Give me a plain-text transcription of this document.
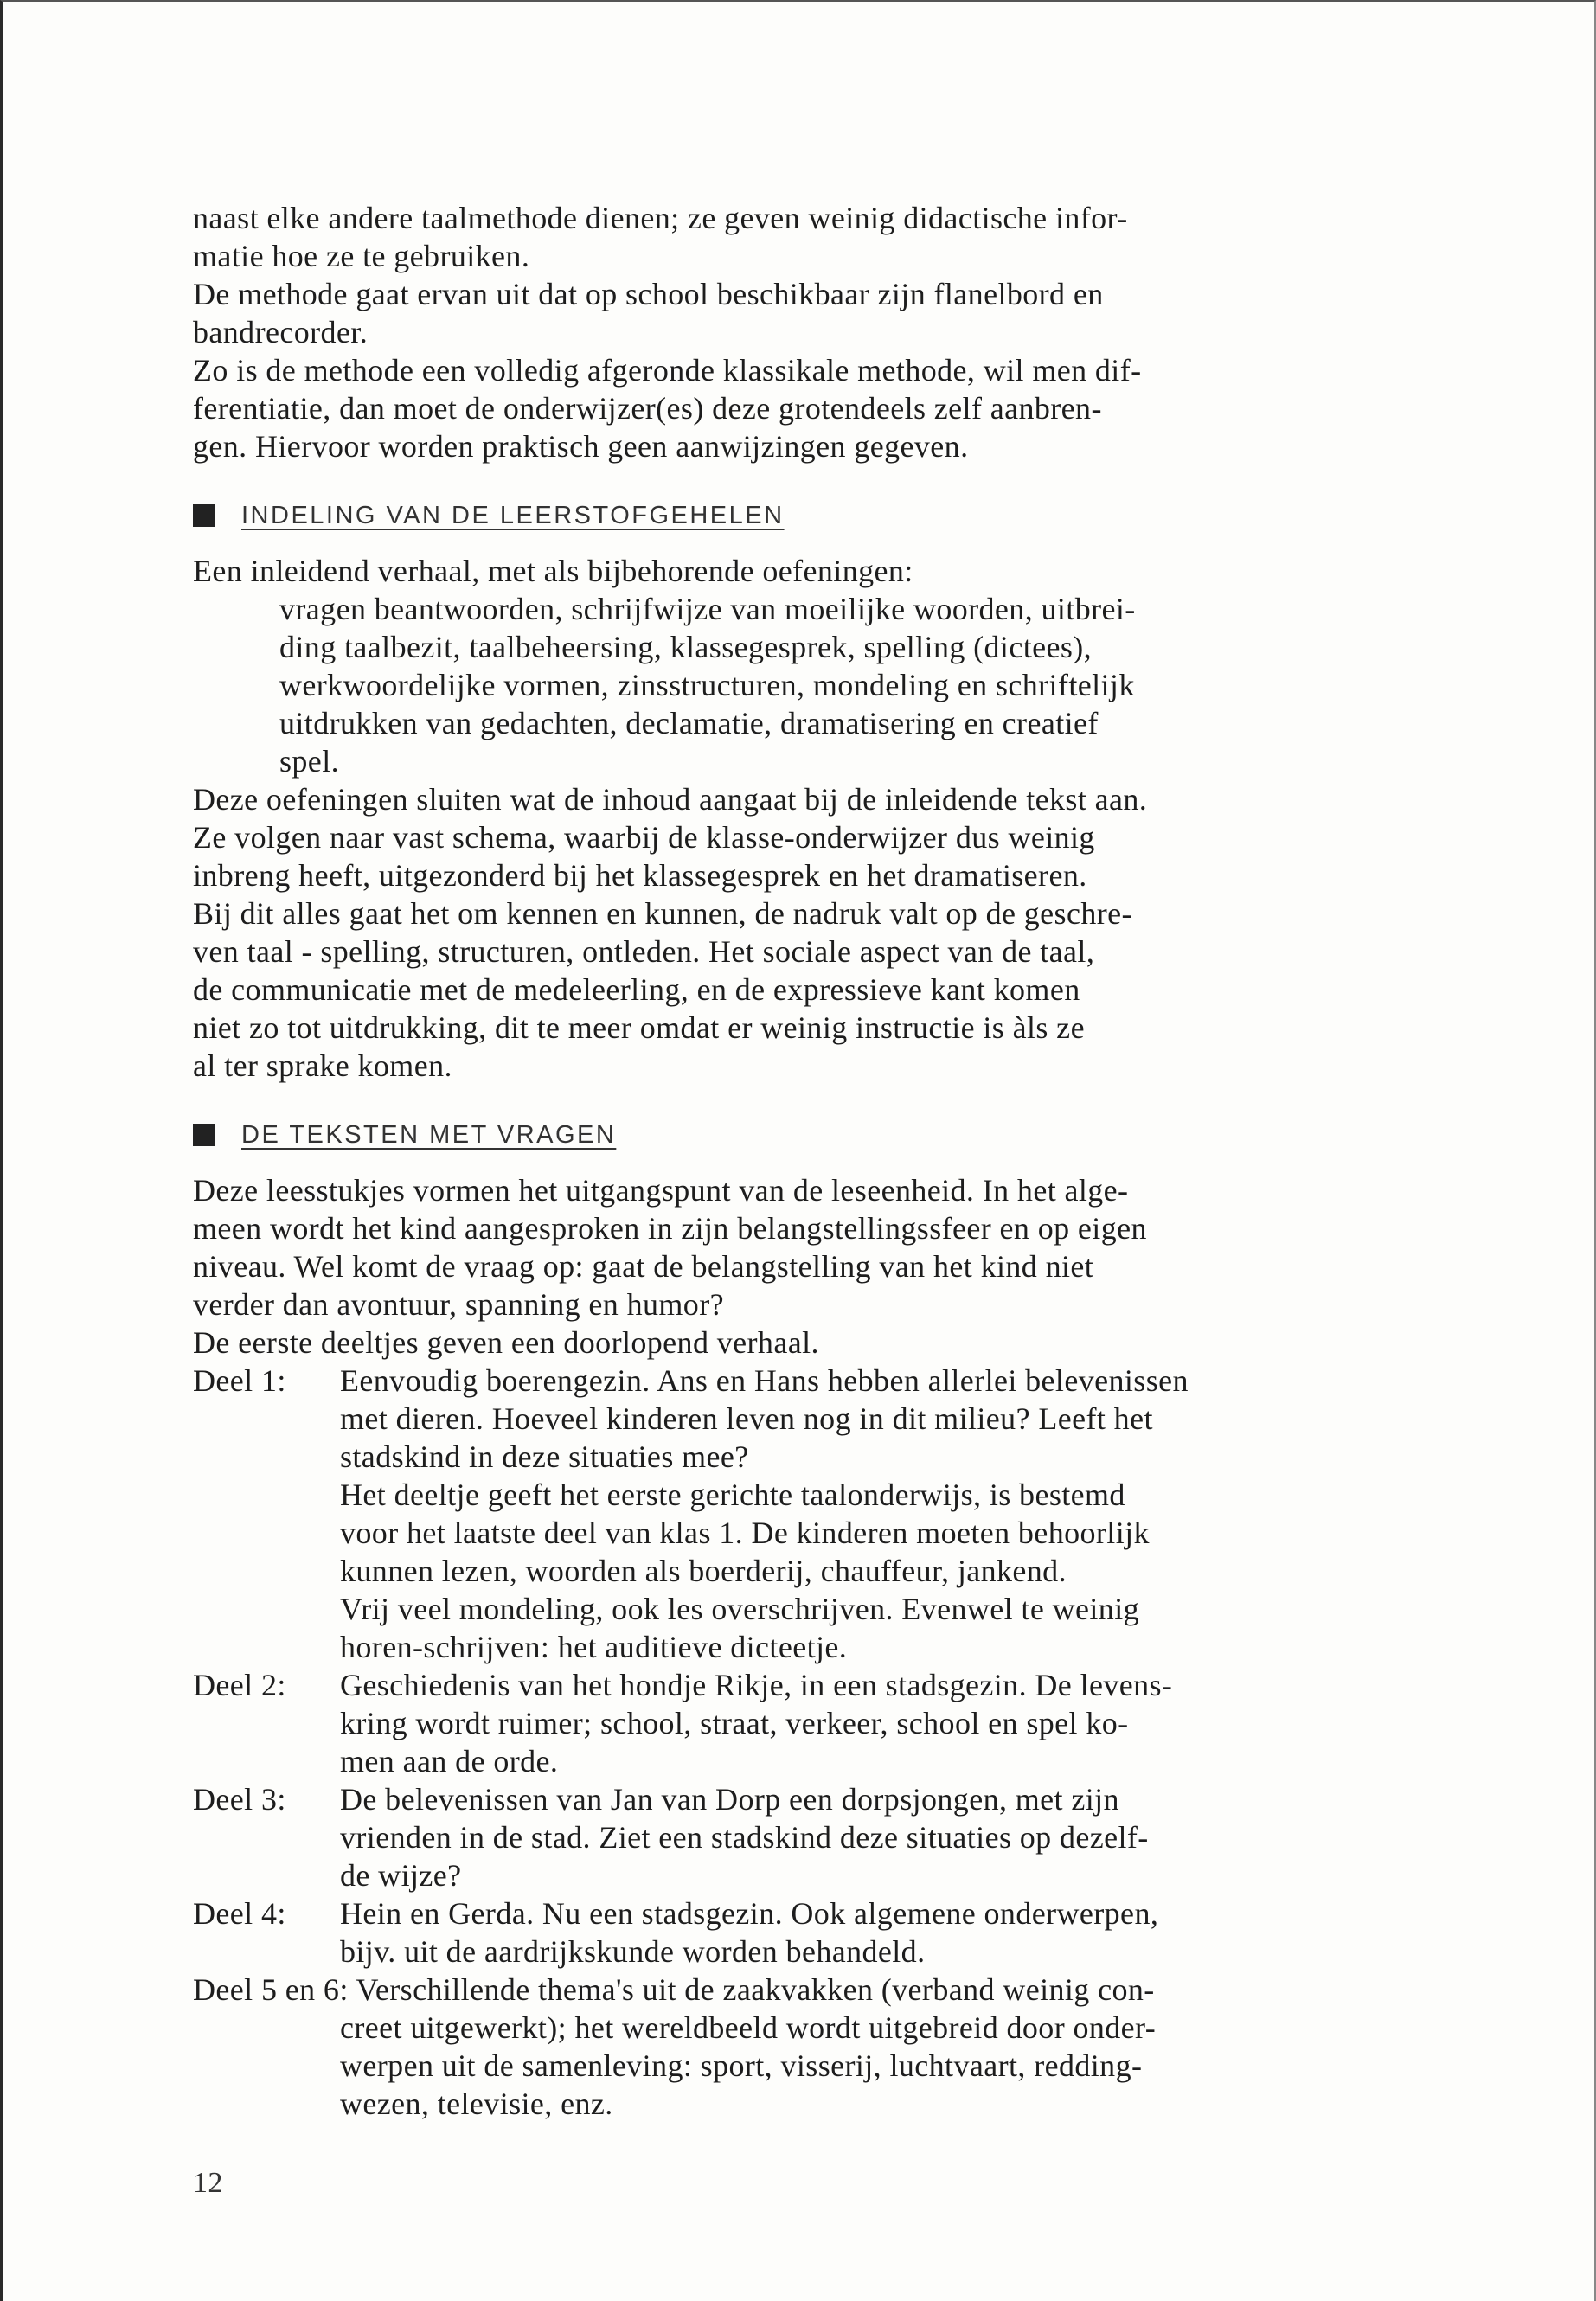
naast elke andere taalmethode dienen; ze geven weinig didactische infor-

matie hoe ze te gebruiken.

De methode gaat ervan uit dat op school beschikbaar zijn flanelbord en

bandrecorder.

Zo is de methode een volledig afgeronde klassikale methode, wil men dif-

ferentiatie, dan moet de onderwijzer(es) deze grotendeels zelf aanbren-

gen. Hiervoor worden praktisch geen aanwijzingen gegeven.

INDELING VAN DE LEERSTOFGEHELEN

Een inleidend verhaal, met als bijbehorende oefeningen:

vragen beantwoorden, schrijfwijze van moeilijke woorden, uitbrei-

ding taalbezit, taalbeheersing, klassegesprek, spelling (dictees),

werkwoordelijke vormen, zinsstructuren, mondeling en schriftelijk

uitdrukken van gedachten, declamatie, dramatisering en creatief

spel.

Deze oefeningen sluiten wat de inhoud aangaat bij de inleidende tekst aan.

Ze volgen naar vast schema, waarbij de klasse-onderwijzer dus weinig

inbreng heeft, uitgezonderd bij het klassegesprek en het dramatiseren.

Bij dit alles gaat het om kennen en kunnen, de nadruk valt op de geschre-

ven taal - spelling, structuren, ontleden. Het sociale aspect van de taal,

de communicatie met de medeleerling, en de expressieve kant komen

niet zo tot uitdrukking, dit te meer omdat er weinig instructie is àls ze

al ter sprake komen.

DE TEKSTEN MET VRAGEN

Deze leesstukjes vormen het uitgangspunt van de leseenheid. In het alge-

meen wordt het kind aangesproken in zijn belangstellingssfeer en op eigen

niveau. Wel komt de vraag op: gaat de belangstelling van het kind niet

verder dan avontuur, spanning en humor?

De eerste deeltjes geven een doorlopend verhaal.

Deel 1:	Eenvoudig boerengezin. Ans en Hans hebben allerlei belevenissen

met dieren. Hoeveel kinderen leven nog in dit milieu? Leeft het

stadskind in deze situaties mee?

Het deeltje geeft het eerste gerichte taalonderwijs, is bestemd

voor het laatste deel van klas 1. De kinderen moeten behoorlijk

kunnen lezen, woorden als boerderij, chauffeur, jankend.

Vrij veel mondeling, ook les overschrijven. Evenwel te weinig

horen-schrijven: het auditieve dicteetje.

Deel 2:	Geschiedenis van het hondje Rikje, in een stadsgezin. De levens-

kring wordt ruimer; school, straat, verkeer, school en spel ko-

men aan de orde.

Deel 3:	De belevenissen van Jan van Dorp een dorpsjongen, met zijn

vrienden in de stad. Ziet een stadskind deze situaties op dezelf-

de wijze?

Deel 4:	Hein en Gerda. Nu een stadsgezin. Ook algemene onderwerpen,

bijv. uit de aardrijkskunde worden behandeld.

Deel 5 en 6: Verschillende thema's uit de zaakvakken (verband weinig con-

creet uitgewerkt); het wereldbeeld wordt uitgebreid door onder-

werpen uit de samenleving: sport, visserij, luchtvaart, redding-

wezen, televisie, enz.

12
